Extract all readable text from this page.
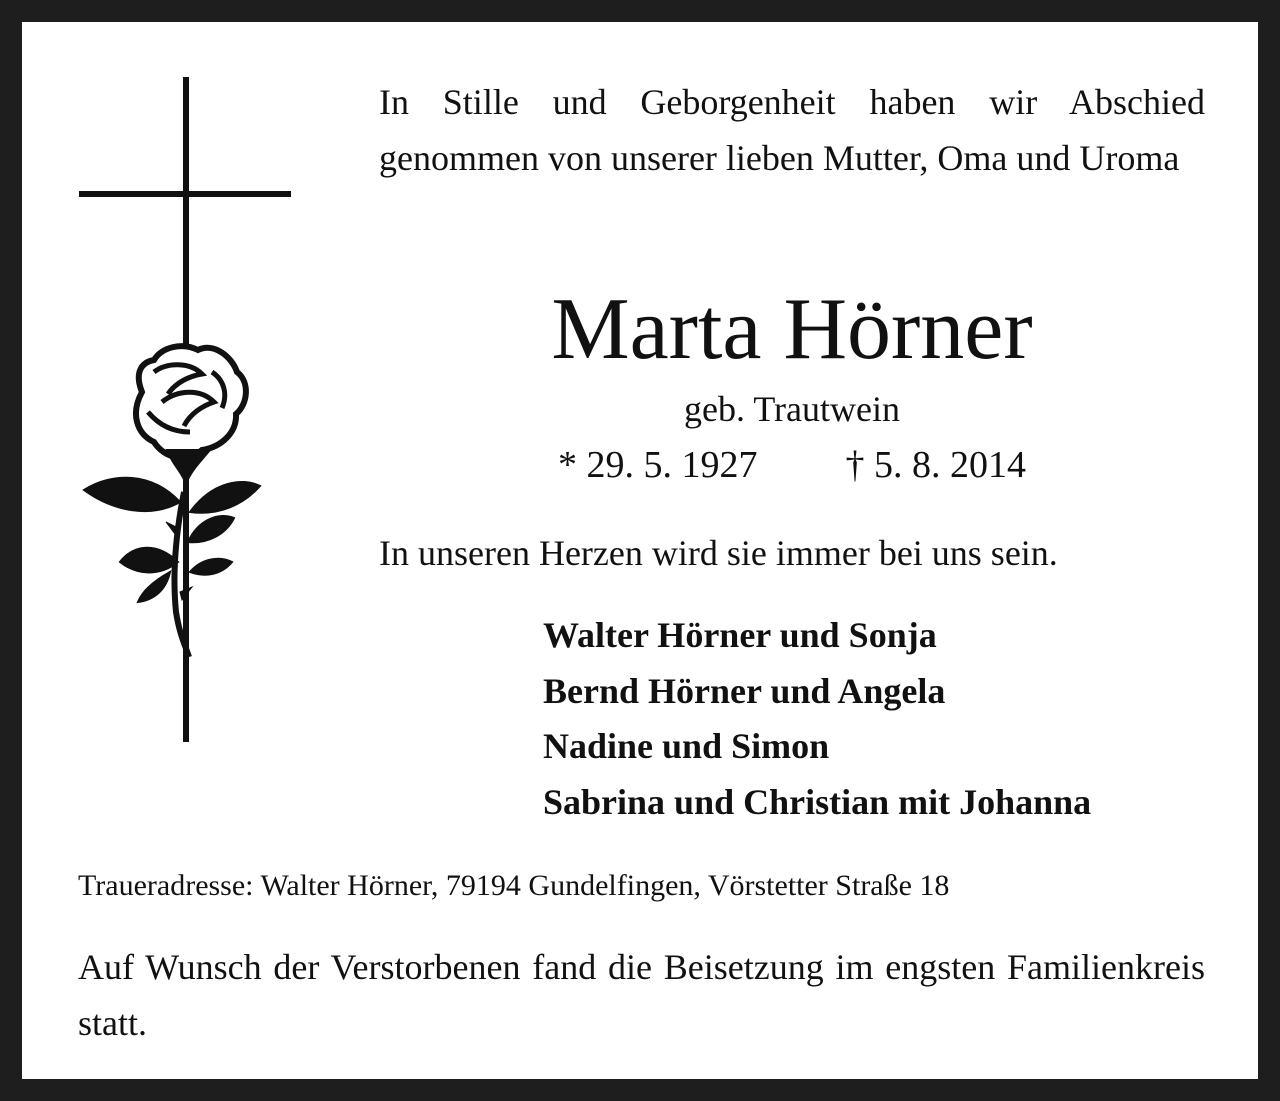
In Stille und Geborgenheit haben wir Abschied genommen von unserer lieben Mutter, Oma und Uroma

Marta Hörner
geb. Trautwein
* 29. 5. 1927 † 5. 8. 2014
In unseren Herzen wird sie immer bei uns sein.
Walter Hörner und Sonja
Bernd Hörner und Angela
Nadine und Simon
Sabrina und Christian mit Johanna
Traueradresse: Walter Hörner, 79194 Gundelfingen, Vörstetter Straße 18

Auf Wunsch der Verstorbenen fand die Beisetzung im engsten Familienkreis statt.
